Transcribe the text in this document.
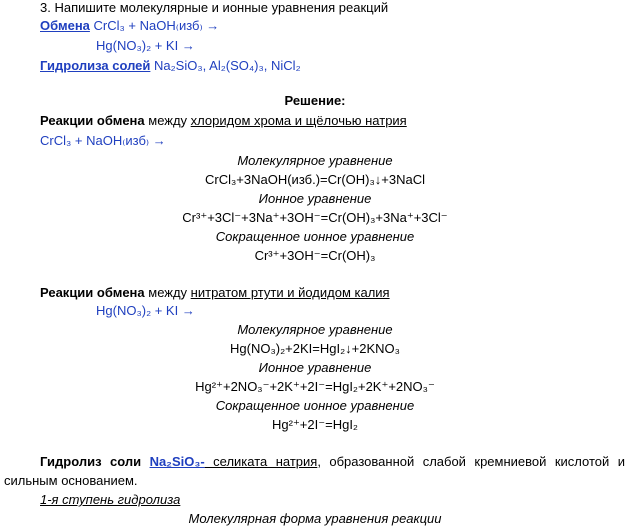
3. Напишите молекулярные и ионные уравнения реакций
Обмена CrCl₃ + NaOH₍изб₎ →
Hg(NO₃)₂ + KI →
Гидролиза солей Na₂SiO₃, Al₂(SO₄)₃, NiCl₂
Решение:
Реакции обмена между хлоридом хрома и щёлочью натрия
CrCl₃ + NaOH₍изб₎ →
Молекулярное уравнение
CrCl₃+3NaOH(изб.)=Cr(OH)₃↓+3NaCl
Ионное уравнение
Cr³⁺+3Cl⁻+3Na⁺+3OH⁻=Cr(OH)₃+3Na⁺+3Cl⁻
Сокращенное ионное уравнение
Cr³⁺+3OH⁻=Cr(OH)₃
Реакции обмена между нитратом ртути и йодидом калия
Hg(NO₃)₂ + KI →
Молекулярное уравнение
Hg(NO₃)₂+2KI=HgI₂↓+2KNO₃
Ионное уравнение
Hg²⁺+2NO₃⁻+2K⁺+2I⁻=HgI₂+2K⁺+2NO₃⁻
Сокращенное ионное уравнение
Hg²⁺+2I⁻=HgI₂
Гидролиз соли Na₂SiO₃- селиката натрия, образованной слабой кремниевой кислотой и
сильным основанием.
1-я ступень гидролиза
Молекулярная форма уравнения реакции
